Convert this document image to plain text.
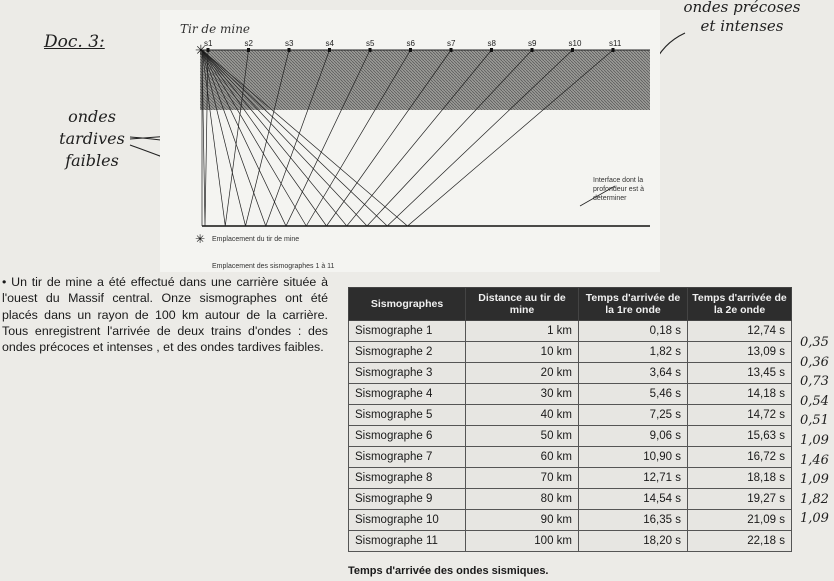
Doc. 3:
ondes précoses
et intenses
ondes
tardives
faibles
✳
✳
Tir de mine
s1	s2	s3	s4	s5	s6	s7	s8	s9	s10	s11
Interface dont la profondeur est à déterminer
Emplacement du tir de mine
Emplacement des sismographes 1 à 11

• Un tir de mine a été effectué dans une carrière située à l'ouest du Massif central. Onze sismographes ont été placés dans un rayon de 100 km autour de la carrière. Tous enregistrent l'arrivée de deux trains d'ondes : des ondes précoces et intenses , et des ondes tardives faibles.

Sismographes	Distance au tir de mine	Temps d'arrivée de la 1re onde	Temps d'arrivée de la 2e onde
Sismographe 1	1 km	0,18 s	12,74 s
Sismographe 2	10 km	1,82 s	13,09 s
Sismographe 3	20 km	3,64 s	13,45 s
Sismographe 4	30 km	5,46 s	14,18 s
Sismographe 5	40 km	7,25 s	14,72 s
Sismographe 6	50 km	9,06 s	15,63 s
Sismographe 7	60 km	10,90 s	16,72 s
Sismographe 8	70 km	12,71 s	18,18 s
Sismographe 9	80 km	14,54 s	19,27 s
Sismographe 10	90 km	16,35 s	21,09 s
Sismographe 11	100 km	18,20 s	22,18 s
Temps d'arrivée des ondes sismiques.
0,35
0,36
0,73
0,54
0,51
1,09
1,46
1,09
1,82
1,09
